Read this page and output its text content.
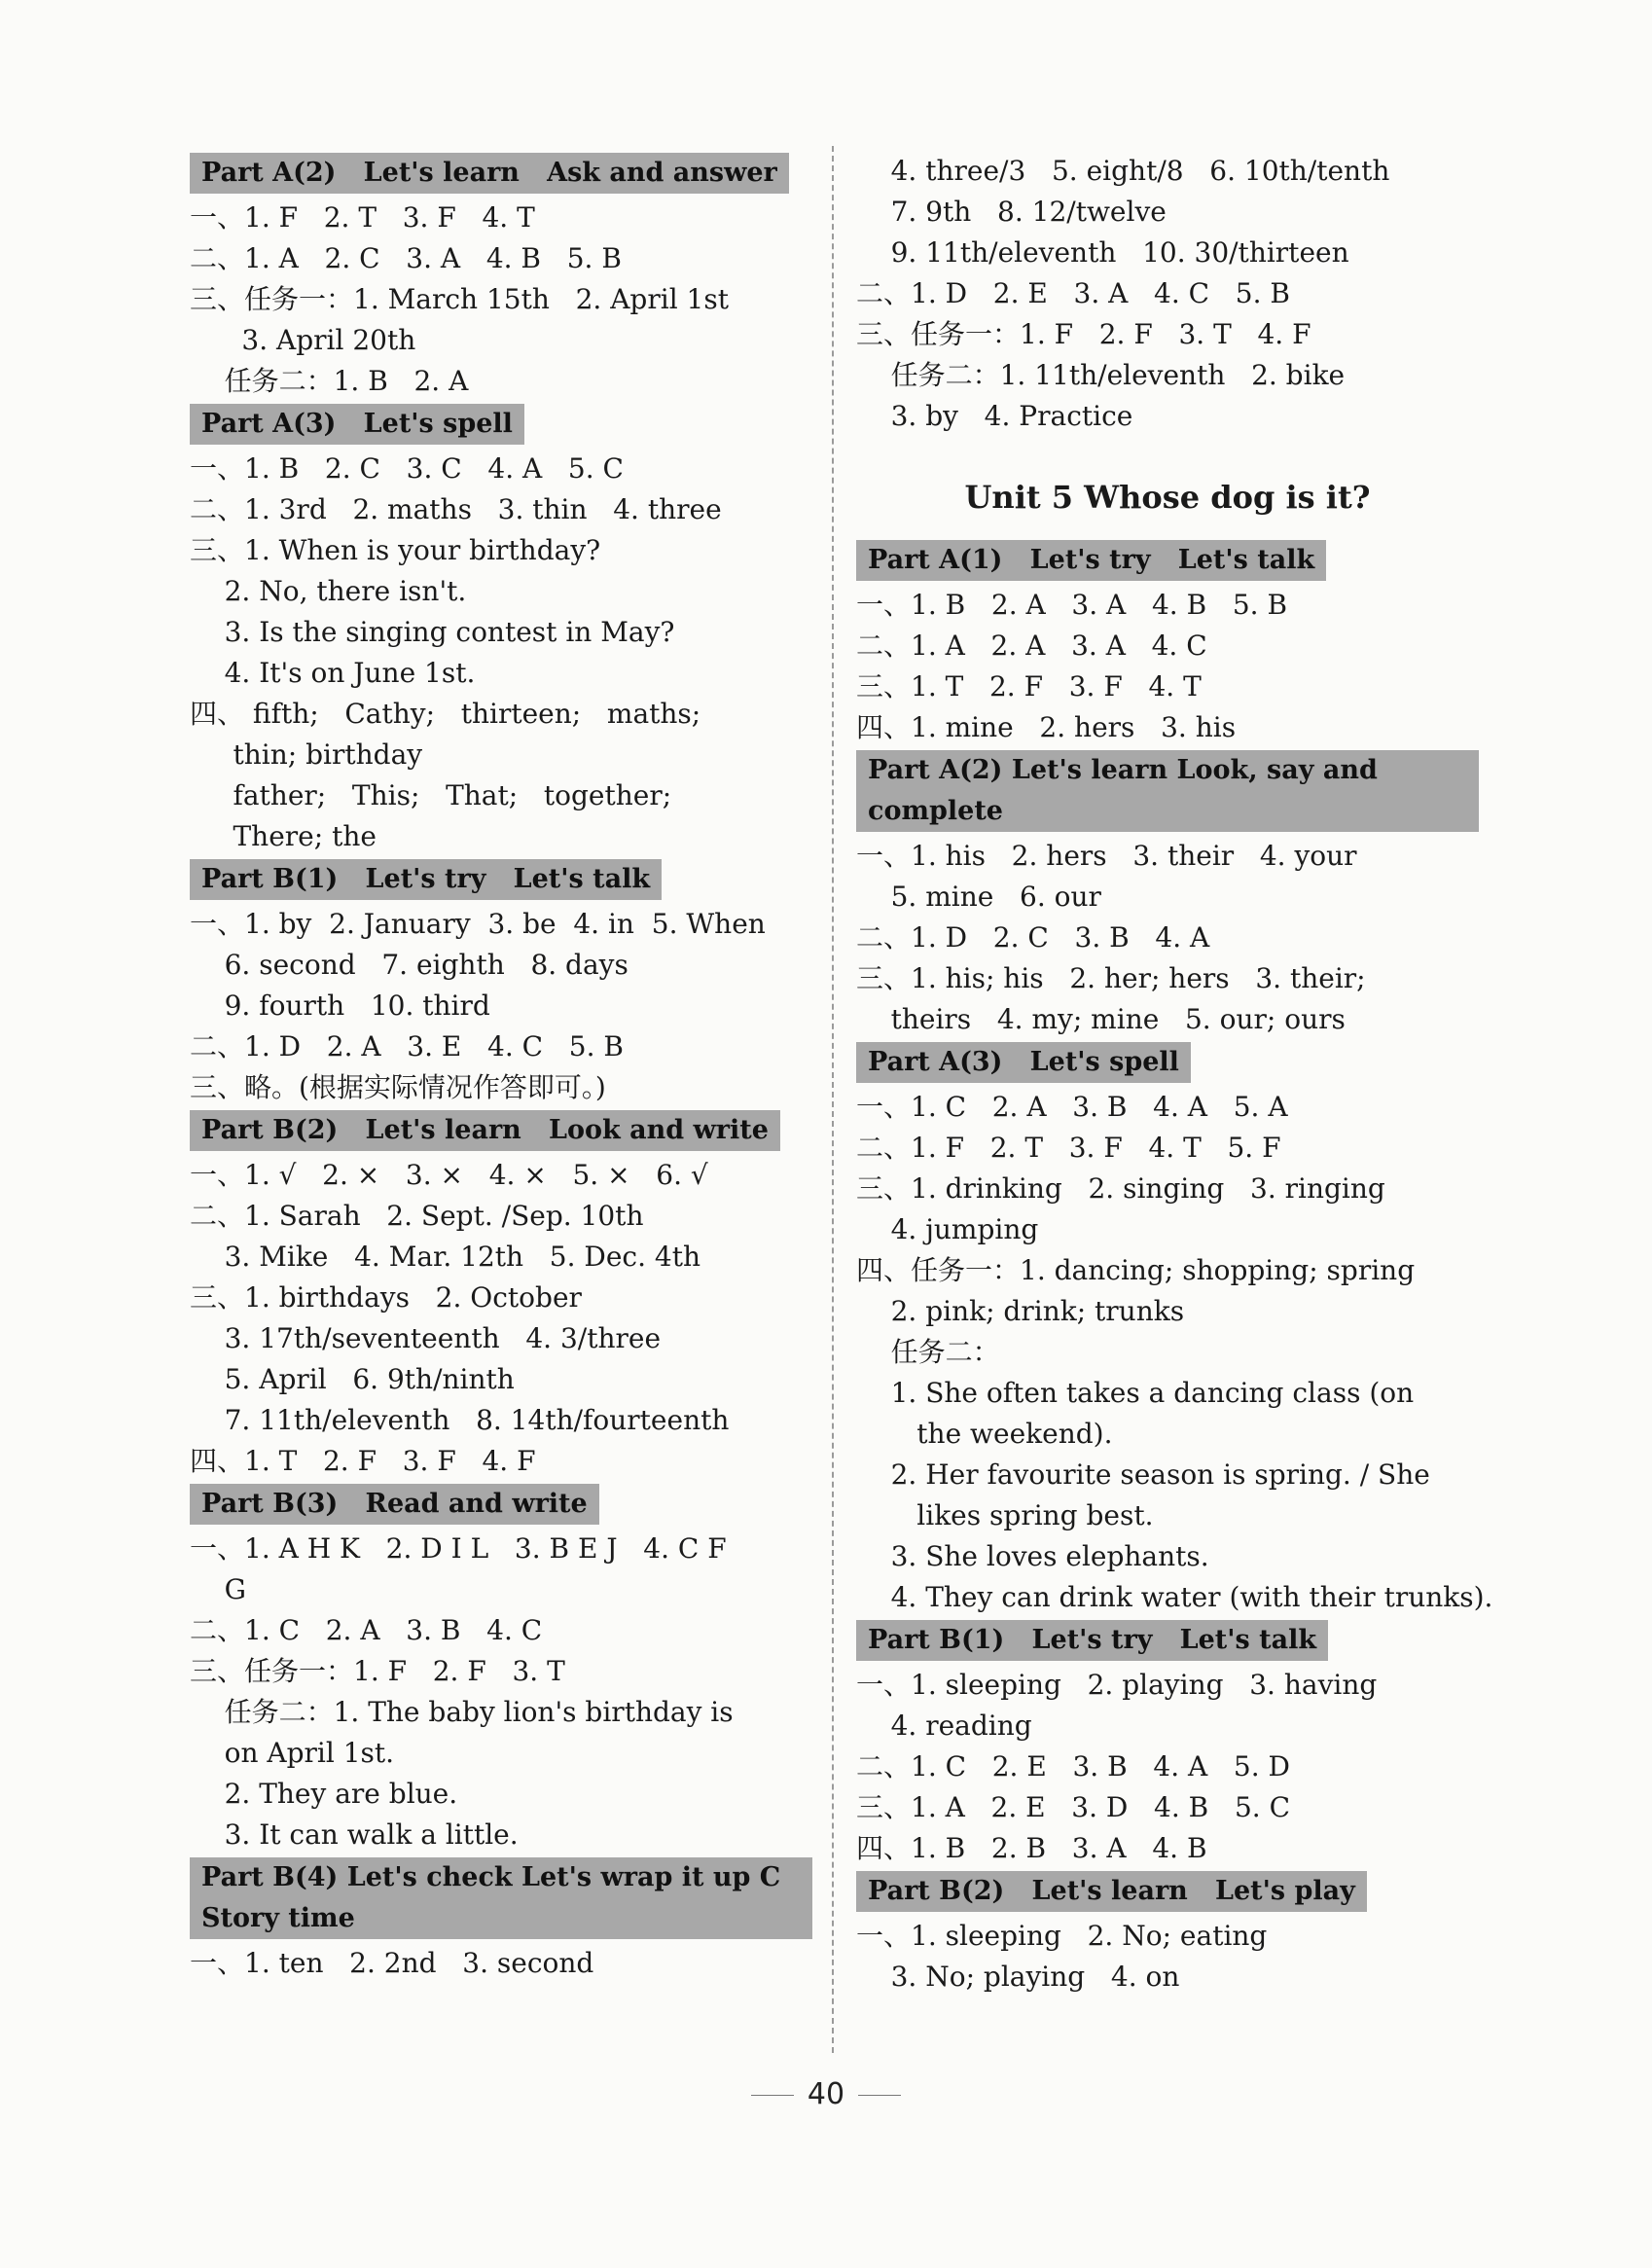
Part A(2)   Let's learn   Ask and answer
一、1. F   2. T   3. F   4. T
二、1. A   2. C   3. A   4. B   5. B
三、任务一：1. March 15th   2. April 1st
3. April 20th
任务二：1. B   2. A
Part A(3)   Let's spell
一、1. B   2. C   3. C   4. A   5. C
二、1. 3rd   2. maths   3. thin   4. three
三、1. When is your birthday?
2. No, there isn't.
3. Is the singing contest in May?
4. It's on June 1st.
四、 fifth;   Cathy;   thirteen;   maths;
thin; birthday
father;   This;   That;   together;
There; the
Part B(1)   Let's try   Let's talk
一、1. by  2. January  3. be  4. in  5. When
6. second   7. eighth   8. days
9. fourth   10. third
二、1. D   2. A   3. E   4. C   5. B
三、略。(根据实际情况作答即可。)
Part B(2)   Let's learn   Look and write
一、1. √   2. ×   3. ×   4. ×   5. ×   6. √
二、1. Sarah   2. Sept. /Sep. 10th
3. Mike   4. Mar. 12th   5. Dec. 4th
三、1. birthdays   2. October
3. 17th/seventeenth   4. 3/three
5. April   6. 9th/ninth
7. 11th/eleventh   8. 14th/fourteenth
四、1. T   2. F   3. F   4. F
Part B(3)   Read and write
一、1. A H K   2. D I L   3. B E J   4. C F
G
二、1. C   2. A   3. B   4. C
三、任务一：1. F   2. F   3. T
任务二：1. The baby lion's birthday is
on April 1st.
2. They are blue.
3. It can walk a little.
Part B(4) Let's check Let's wrap it up C Story time
一、1. ten   2. 2nd   3. second
4. three/3   5. eight/8   6. 10th/tenth
7. 9th   8. 12/twelve
9. 11th/eleventh   10. 30/thirteen
二、1. D   2. E   3. A   4. C   5. B
三、任务一：1. F   2. F   3. T   4. F
任务二：1. 11th/eleventh   2. bike
3. by   4. Practice
Unit 5 Whose dog is it?
Part A(1)   Let's try   Let's talk
一、1. B   2. A   3. A   4. B   5. B
二、1. A   2. A   3. A   4. C
三、1. T   2. F   3. F   4. T
四、1. mine   2. hers   3. his
Part A(2) Let's learn Look, say and complete
一、1. his   2. hers   3. their   4. your
5. mine   6. our
二、1. D   2. C   3. B   4. A
三、1. his; his   2. her; hers   3. their;
theirs   4. my; mine   5. our; ours
Part A(3)   Let's spell
一、1. C   2. A   3. B   4. A   5. A
二、1. F   2. T   3. F   4. T   5. F
三、1. drinking   2. singing   3. ringing
4. jumping
四、任务一：1. dancing; shopping; spring
2. pink; drink; trunks
任务二：
1. She often takes a dancing class (on
the weekend).
2. Her favourite season is spring. / She
likes spring best.
3. She loves elephants.
4. They can drink water (with their trunks).
Part B(1)   Let's try   Let's talk
一、1. sleeping   2. playing   3. having
4. reading
二、1. C   2. E   3. B   4. A   5. D
三、1. A   2. E   3. D   4. B   5. C
四、1. B   2. B   3. A   4. B
Part B(2)   Let's learn   Let's play
一、1. sleeping   2. No; eating
3. No; playing   4. on
40
